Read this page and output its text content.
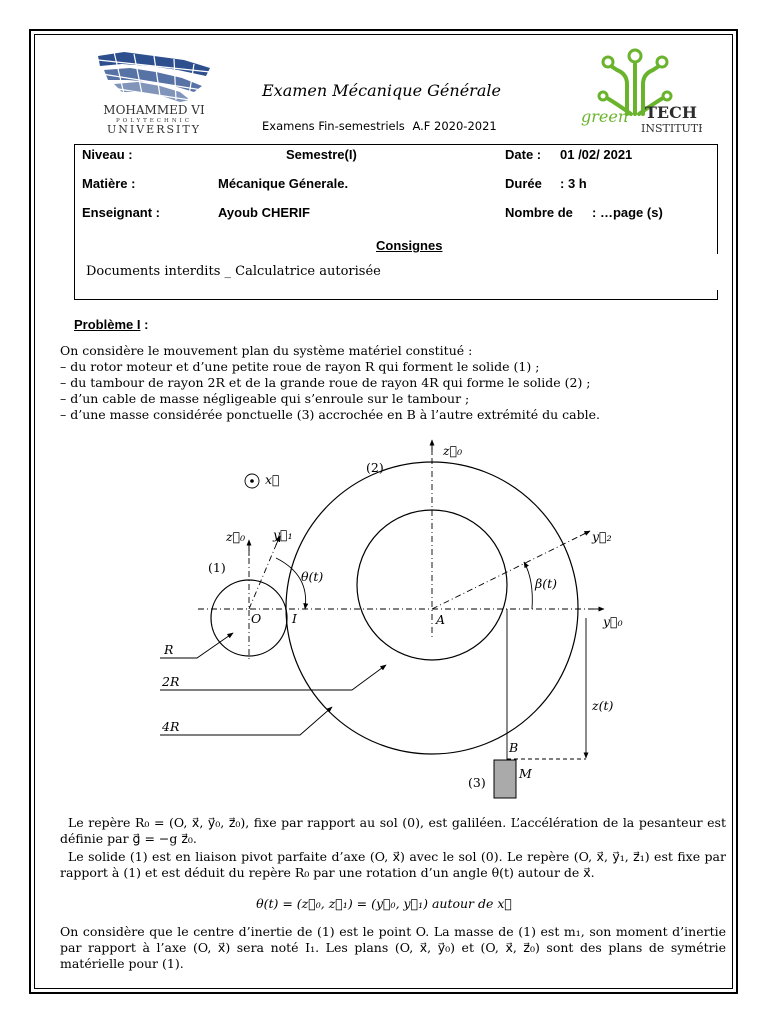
MOHAMMED VI
POLYTECHNIC
UNIVERSITY
green TECH
INSTITUTE
Examen Mécanique Générale
Examens Fin-semestriels A.F 2020-2021
Niveau :	Semestre(I)	Date : 01 /02/ 2021
Matière :	Mécanique Génerale.	Durée : 3 h
Enseignant :	Ayoub CHERIF	Nombre de : …page (s)
Consignes
Documents interdits _ Calculatrice autorisée
Problème I :

On considère le mouvement plan du système matériel constitué :

– du rotor moteur et d’une petite roue de rayon R qui forment le solide (1) ;

– du tambour de rayon 2R et de la grande roue de rayon 4R qui forme le solide (2) ;

– d’un cable de masse négligeable qui s’enroule sur le tambour ;

– d’une masse considérée ponctuelle (3) accrochée en B à l’autre extrémité du cable.

x⃗
z⃗₀
z⃗₀ y⃗₁	y⃗₂
y⃗₀
θ(t)	β(t)
O I	A
B
M
R
2R
4R
z(t)
(1)
(2)
(3)
Le repère R₀ = (O, x⃗, y⃗₀, z⃗₀), fixe par rapport au sol (0), est galiléen. L’accélération de la pesanteur est définie par g⃗ = −g z⃗₀.
Le solide (1) est en liaison pivot parfaite d’axe (O, x⃗) avec le sol (0). Le repère (O, x⃗, y⃗₁, z⃗₁) est fixe par rapport à (1) et est déduit du repère R₀ par une rotation d’un angle θ(t) autour de x⃗.
θ(t) = (z⃗₀, z⃗₁) = (y⃗₀, y⃗₁) autour de x⃗
On considère que le centre d’inertie de (1) est le point O. La masse de (1) est m₁, son moment d’inertie par rapport à l’axe (O, x⃗) sera noté I₁. Les plans (O, x⃗, y⃗₀) et (O, x⃗, z⃗₀) sont des plans de symétrie matérielle pour (1).
